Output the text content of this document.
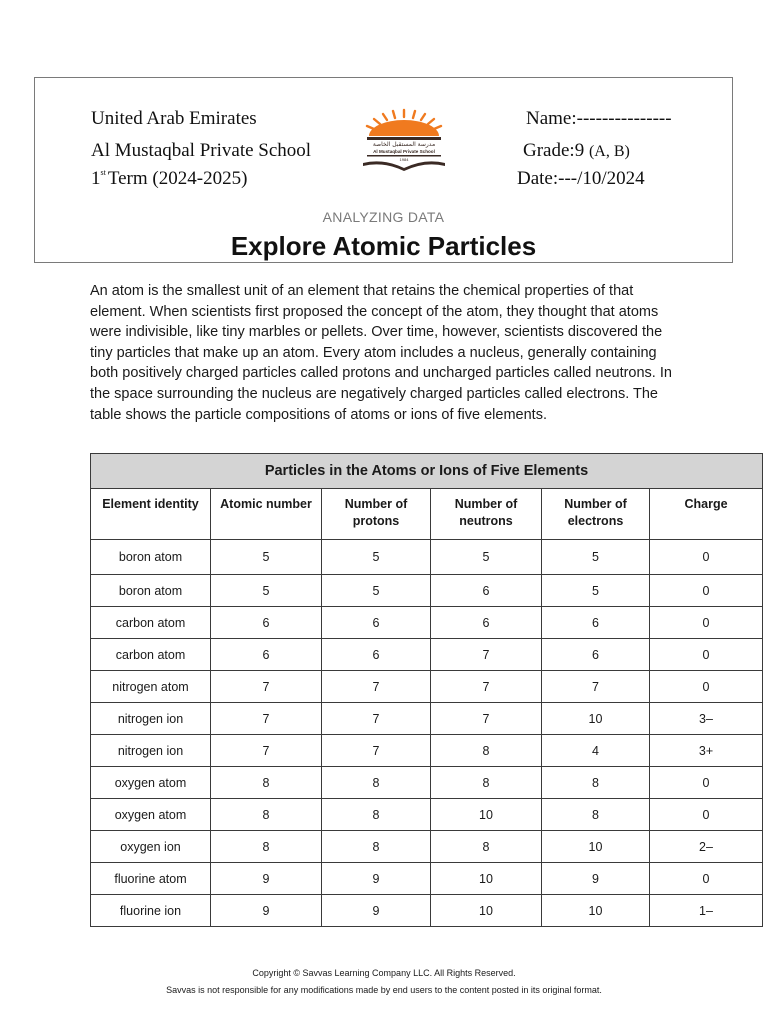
United Arab Emirates
Al Mustaqbal Private School
1st Term (2024-2025)
مدرسة المستقبل الخاصة
Al Mustaqbal Private School
1984
Name:---------------
Grade:9 (A, B)
Date:---/10/2024
ANALYZING DATA
Explore Atomic Particles

An atom is the smallest unit of an element that retains the chemical properties of that element. When scientists first proposed the concept of the atom, they thought that atoms were indivisible, like tiny marbles or pellets. Over time, however, scientists discovered the tiny particles that make up an atom. Every atom includes a nucleus, generally containing both positively charged particles called protons and uncharged particles called neutrons. In the space surrounding the nucleus are negatively charged particles called electrons. The table shows the particle compositions of atoms or ions of five elements.

Particles in the Atoms or Ions of Five Elements					
Element identity	Atomic number	Number of protons	Number of neutrons	Number of electrons	Charge
boron atom	5	5	5	5	0
boron atom	5	5	6	5	0
carbon atom	6	6	6	6	0
carbon atom	6	6	7	6	0
nitrogen atom	7	7	7	7	0
nitrogen ion	7	7	7	10	3–
nitrogen ion	7	7	8	4	3+
oxygen atom	8	8	8	8	0
oxygen atom	8	8	10	8	0
oxygen ion	8	8	8	10	2–
fluorine atom	9	9	10	9	0
fluorine ion	9	9	10	10	1–
Copyright © Savvas Learning Company LLC. All Rights Reserved.
Savvas is not responsible for any modifications made by end users to the content posted in its original format.
